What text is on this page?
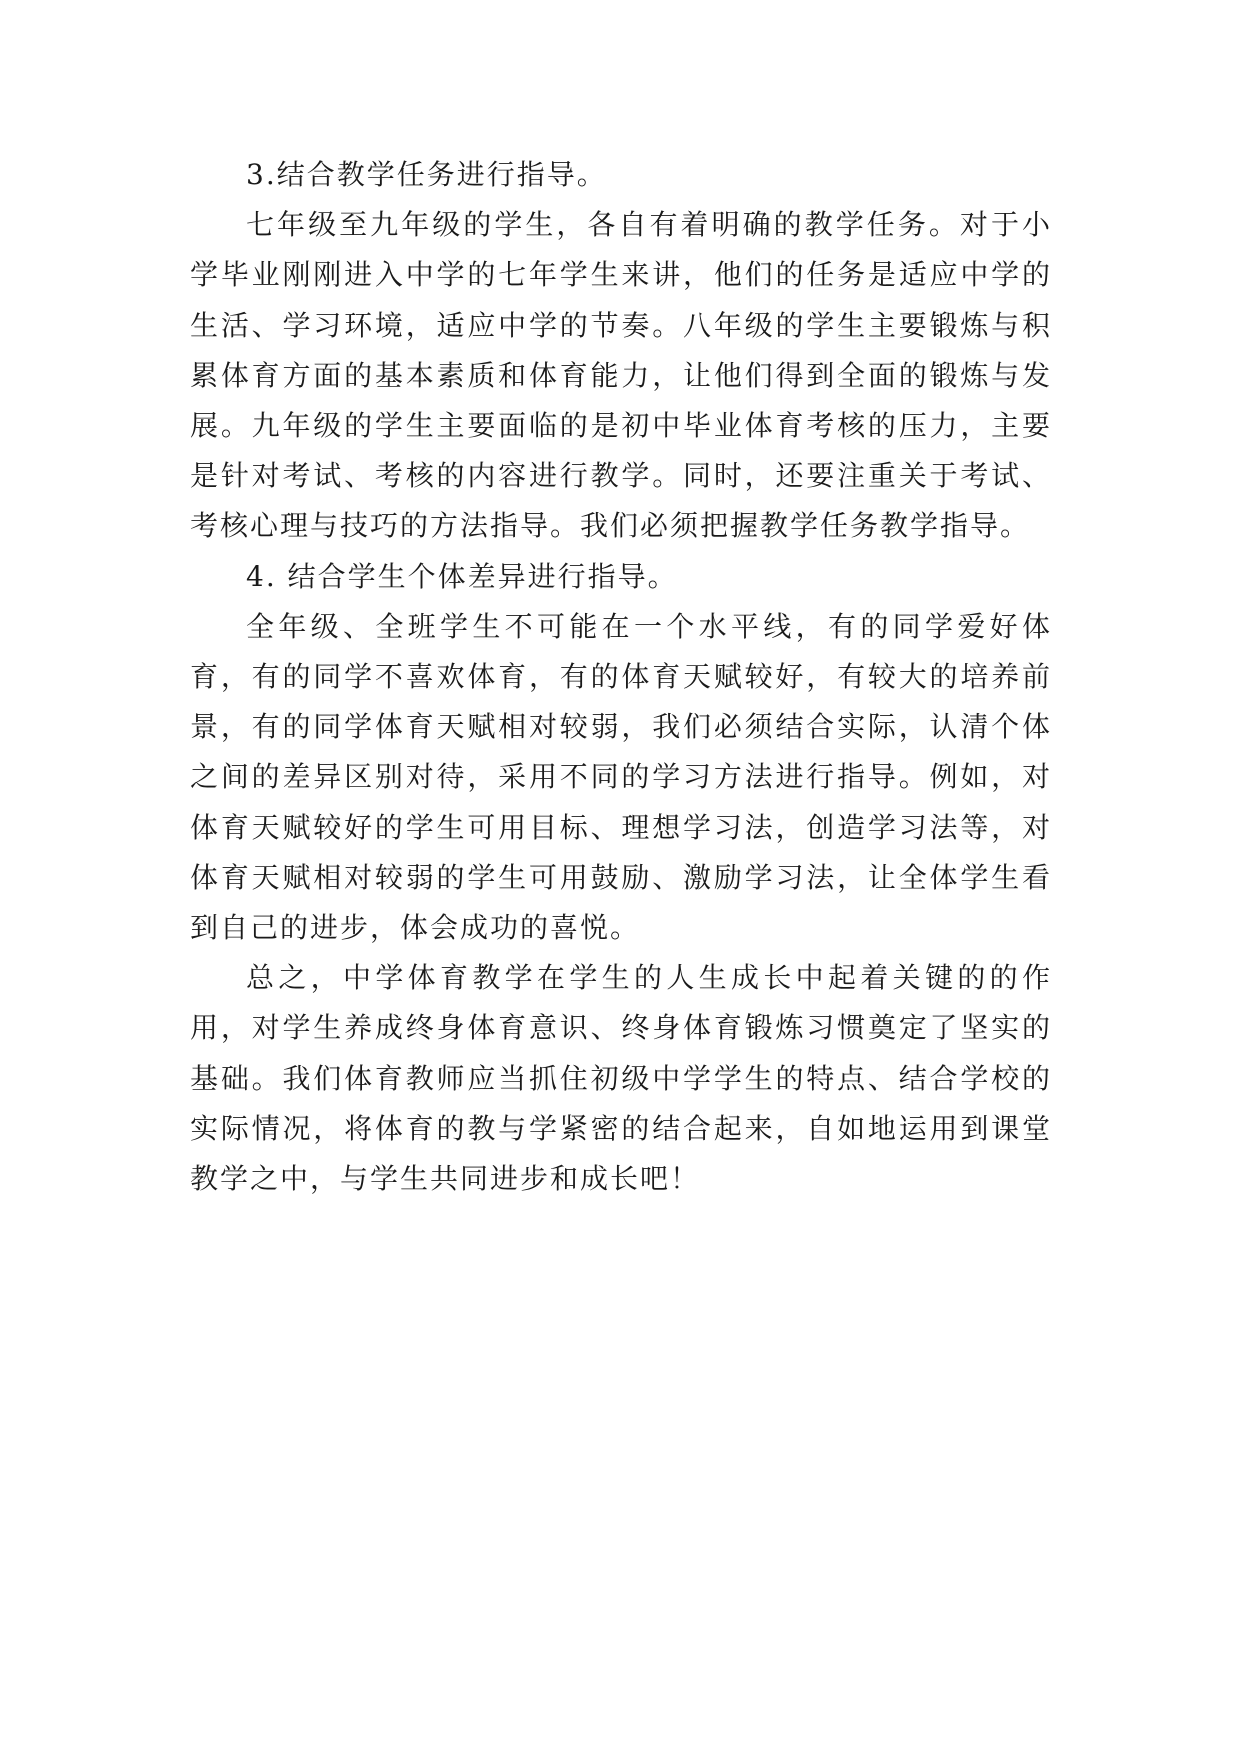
3.结合教学任务进行指导。

七年级至九年级的学生，各自有着明确的教学任务。对于小学毕业刚刚进入中学的七年学生来讲，他们的任务是适应中学的生活、学习环境，适应中学的节奏。八年级的学生主要锻炼与积累体育方面的基本素质和体育能力，让他们得到全面的锻炼与发展。九年级的学生主要面临的是初中毕业体育考核的压力，主要是针对考试、考核的内容进行教学。同时，还要注重关于考试、考核心理与技巧的方法指导。我们必须把握教学任务教学指导。

4. 结合学生个体差异进行指导。

全年级、全班学生不可能在一个水平线，有的同学爱好体育，有的同学不喜欢体育，有的体育天赋较好，有较大的培养前景，有的同学体育天赋相对较弱，我们必须结合实际，认清个体之间的差异区别对待，采用不同的学习方法进行指导。例如，对体育天赋较好的学生可用目标、理想学习法，创造学习法等，对体育天赋相对较弱的学生可用鼓励、激励学习法，让全体学生看到自己的进步，体会成功的喜悦。

总之，中学体育教学在学生的人生成长中起着关键的的作用，对学生养成终身体育意识、终身体育锻炼习惯奠定了坚实的基础。我们体育教师应当抓住初级中学学生的特点、结合学校的实际情况，将体育的教与学紧密的结合起来，自如地运用到课堂教学之中，与学生共同进步和成长吧！
